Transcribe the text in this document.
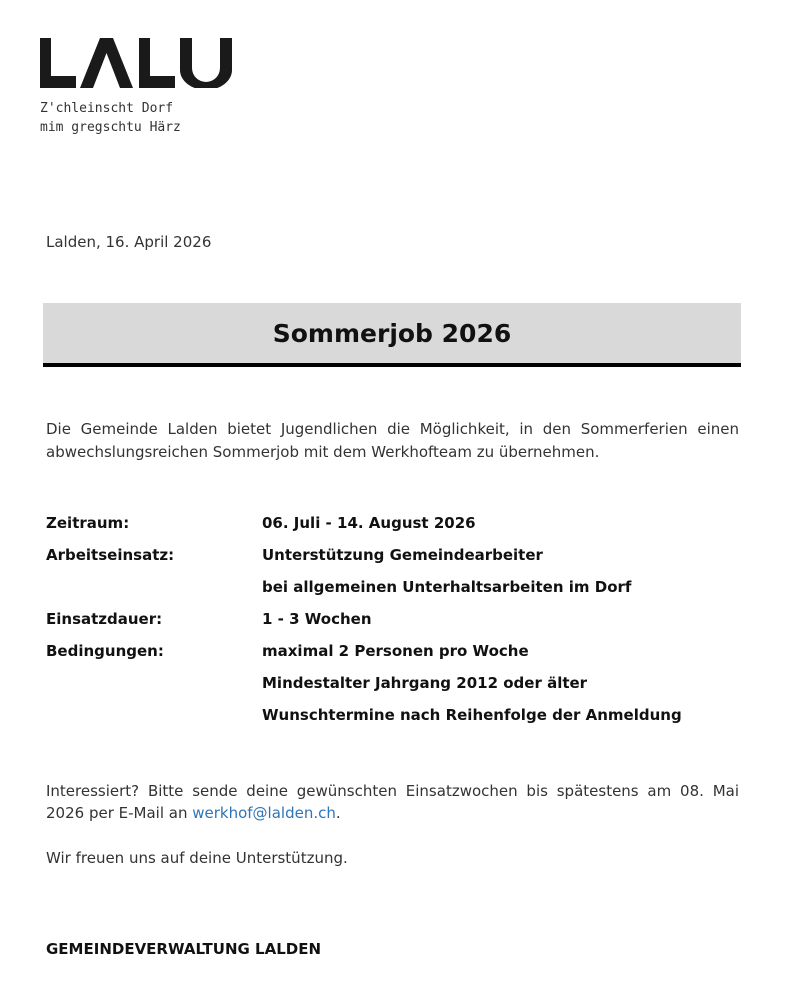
Z'chleinscht Dorf
mim gregschtu Härz
Lalden, 16. April 2026
Sommerjob 2026
Die Gemeinde Lalden bietet Jugendlichen die Möglichkeit, in den Sommerferien einen abwechslungsreichen Sommerjob mit dem Werkhofteam zu übernehmen.
Zeitraum:	06. Juli - 14. August 2026
Arbeitseinsatz:	Unterstützung Gemeindearbeiter
bei allgemeinen Unterhaltsarbeiten im Dorf
Einsatzdauer:	1 - 3 Wochen
Bedingungen:	maximal 2 Personen pro Woche
Mindestalter Jahrgang 2012 oder älter
Wunschtermine nach Reihenfolge der Anmeldung
Interessiert? Bitte sende deine gewünschten Einsatzwochen bis spätestens am 08. Mai 2026 per E-Mail an werkhof@lalden.ch.
Wir freuen uns auf deine Unterstützung.
GEMEINDEVERWALTUNG LALDEN
